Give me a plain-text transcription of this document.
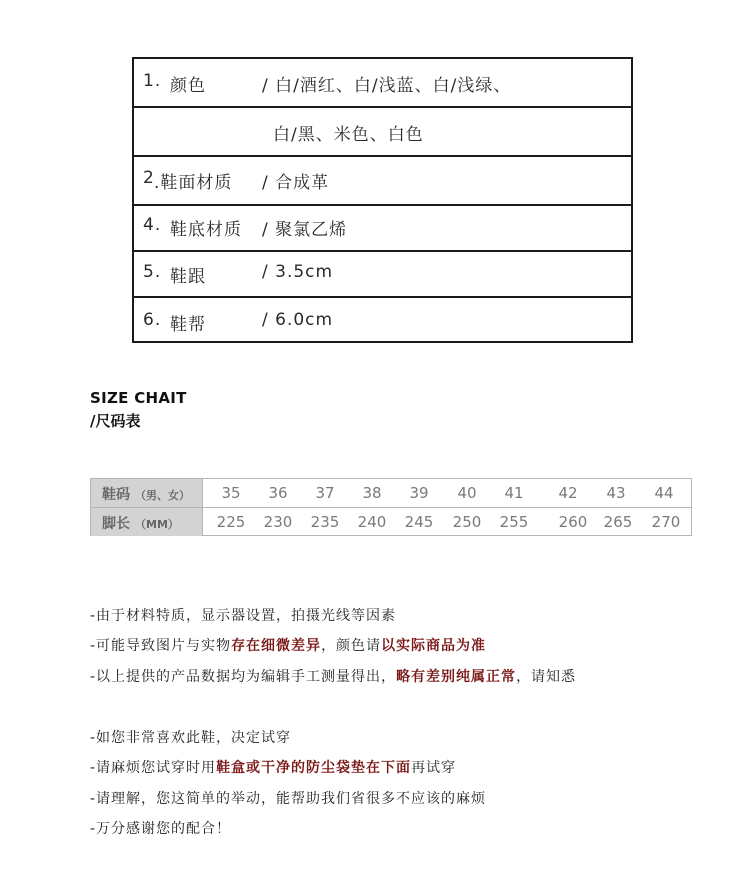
1. 颜色	/ 白/酒红、白/浅蓝、白/浅绿、
白/黑、米色、白色
2 .鞋面材质 / 合成革
4. 鞋底材质 / 聚氯乙烯
5. 鞋跟	/ 3.5cm
6. 鞋帮	/ 6.0cm
SIZE CHAIT
/尺码表
鞋码 （男、女）	35	36	37	38	39	40	41	42	43	44
脚长 （MM）	225	230	235	240	245	250	255	260	265	270
-由于材料特质，显示器设置，拍摄光线等因素
-可能导致图片与实物存在细微差异，颜色请以实际商品为准
-以上提供的产品数据均为编辑手工测量得出，略有差别纯属正常，请知悉
-如您非常喜欢此鞋，决定试穿
-请麻烦您试穿时用鞋盒或干净的防尘袋垫在下面再试穿
-请理解，您这简单的举动，能帮助我们省很多不应该的麻烦
-万分感谢您的配合！
